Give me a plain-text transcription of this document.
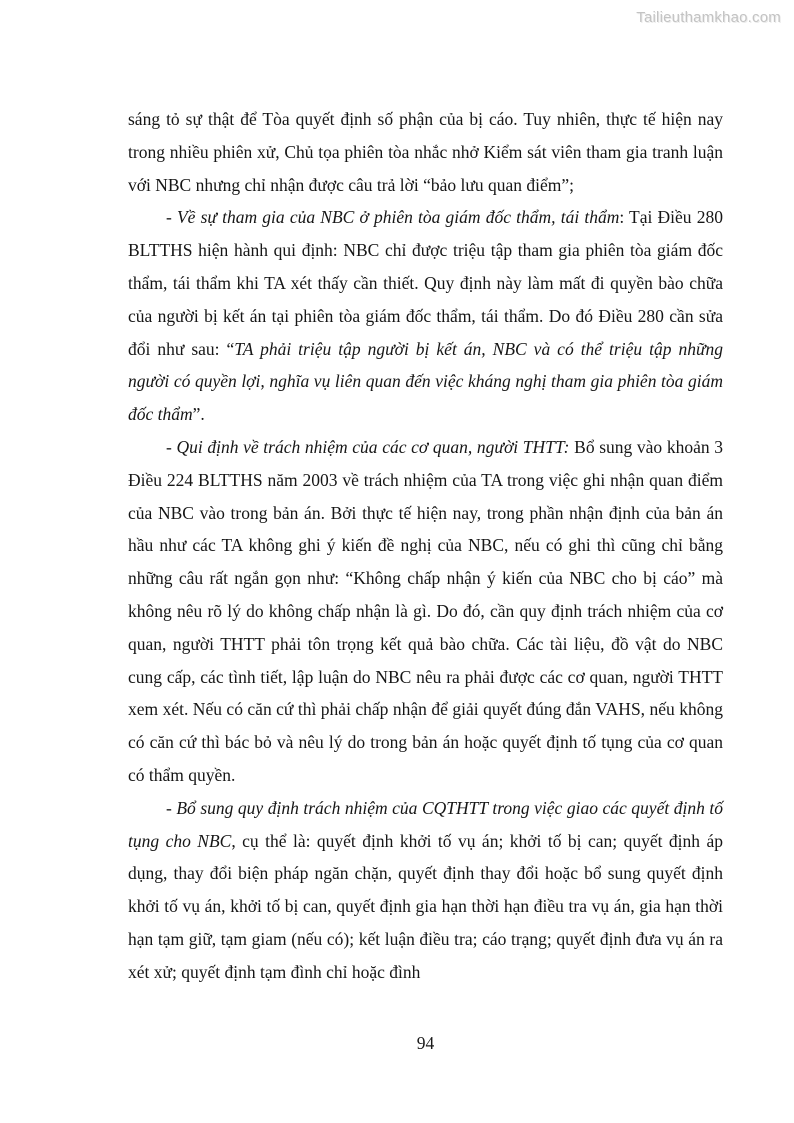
Tailieuthamkhao.com

sáng tỏ sự thật để Tòa quyết định số phận của bị cáo. Tuy nhiên, thực tế hiện nay trong nhiều phiên xử, Chủ tọa phiên tòa nhắc nhở Kiểm sát viên tham gia tranh luận với NBC nhưng chỉ nhận được câu trả lời “bảo lưu quan điểm”;

- Về sự tham gia của NBC ở phiên tòa giám đốc thẩm, tái thẩm: Tại Điều 280 BLTTHS hiện hành qui định: NBC chỉ được triệu tập tham gia phiên tòa giám đốc thẩm, tái thẩm khi TA xét thấy cần thiết. Quy định này làm mất đi quyền bào chữa của người bị kết án tại phiên tòa giám đốc thẩm, tái thẩm. Do đó Điều 280 cần sửa đổi như sau: “TA phải triệu tập người bị kết án, NBC và có thể triệu tập những người có quyền lợi, nghĩa vụ liên quan đến việc kháng nghị tham gia phiên tòa giám đốc thẩm”.

- Qui định về trách nhiệm của các cơ quan, người THTT: Bổ sung vào khoản 3 Điều 224 BLTTHS năm 2003 về trách nhiệm của TA trong việc ghi nhận quan điểm của NBC vào trong bản án. Bởi thực tế hiện nay, trong phần nhận định của bản án hầu như các TA không ghi ý kiến đề nghị của NBC, nếu có ghi thì cũng chỉ bằng những câu rất ngắn gọn như: “Không chấp nhận ý kiến của NBC cho bị cáo” mà không nêu rõ lý do không chấp nhận là gì. Do đó, cần quy định trách nhiệm của cơ quan, người THTT phải tôn trọng kết quả bào chữa. Các tài liệu, đồ vật do NBC cung cấp, các tình tiết, lập luận do NBC nêu ra phải được các cơ quan, người THTT xem xét. Nếu có căn cứ thì phải chấp nhận để giải quyết đúng đắn VAHS, nếu không có căn cứ thì bác bỏ và nêu lý do trong bản án hoặc quyết định tố tụng của cơ quan có thẩm quyền.

- Bổ sung quy định trách nhiệm của CQTHTT trong việc giao các quyết định tố tụng cho NBC, cụ thể là: quyết định khởi tố vụ án; khởi tố bị can; quyết định áp dụng, thay đổi biện pháp ngăn chặn, quyết định thay đổi hoặc bổ sung quyết định khởi tố vụ án, khởi tố bị can, quyết định gia hạn thời hạn điều tra vụ án, gia hạn thời hạn tạm giữ, tạm giam (nếu có); kết luận điều tra; cáo trạng; quyết định đưa vụ án ra xét xử; quyết định tạm đình chỉ hoặc đình

94
